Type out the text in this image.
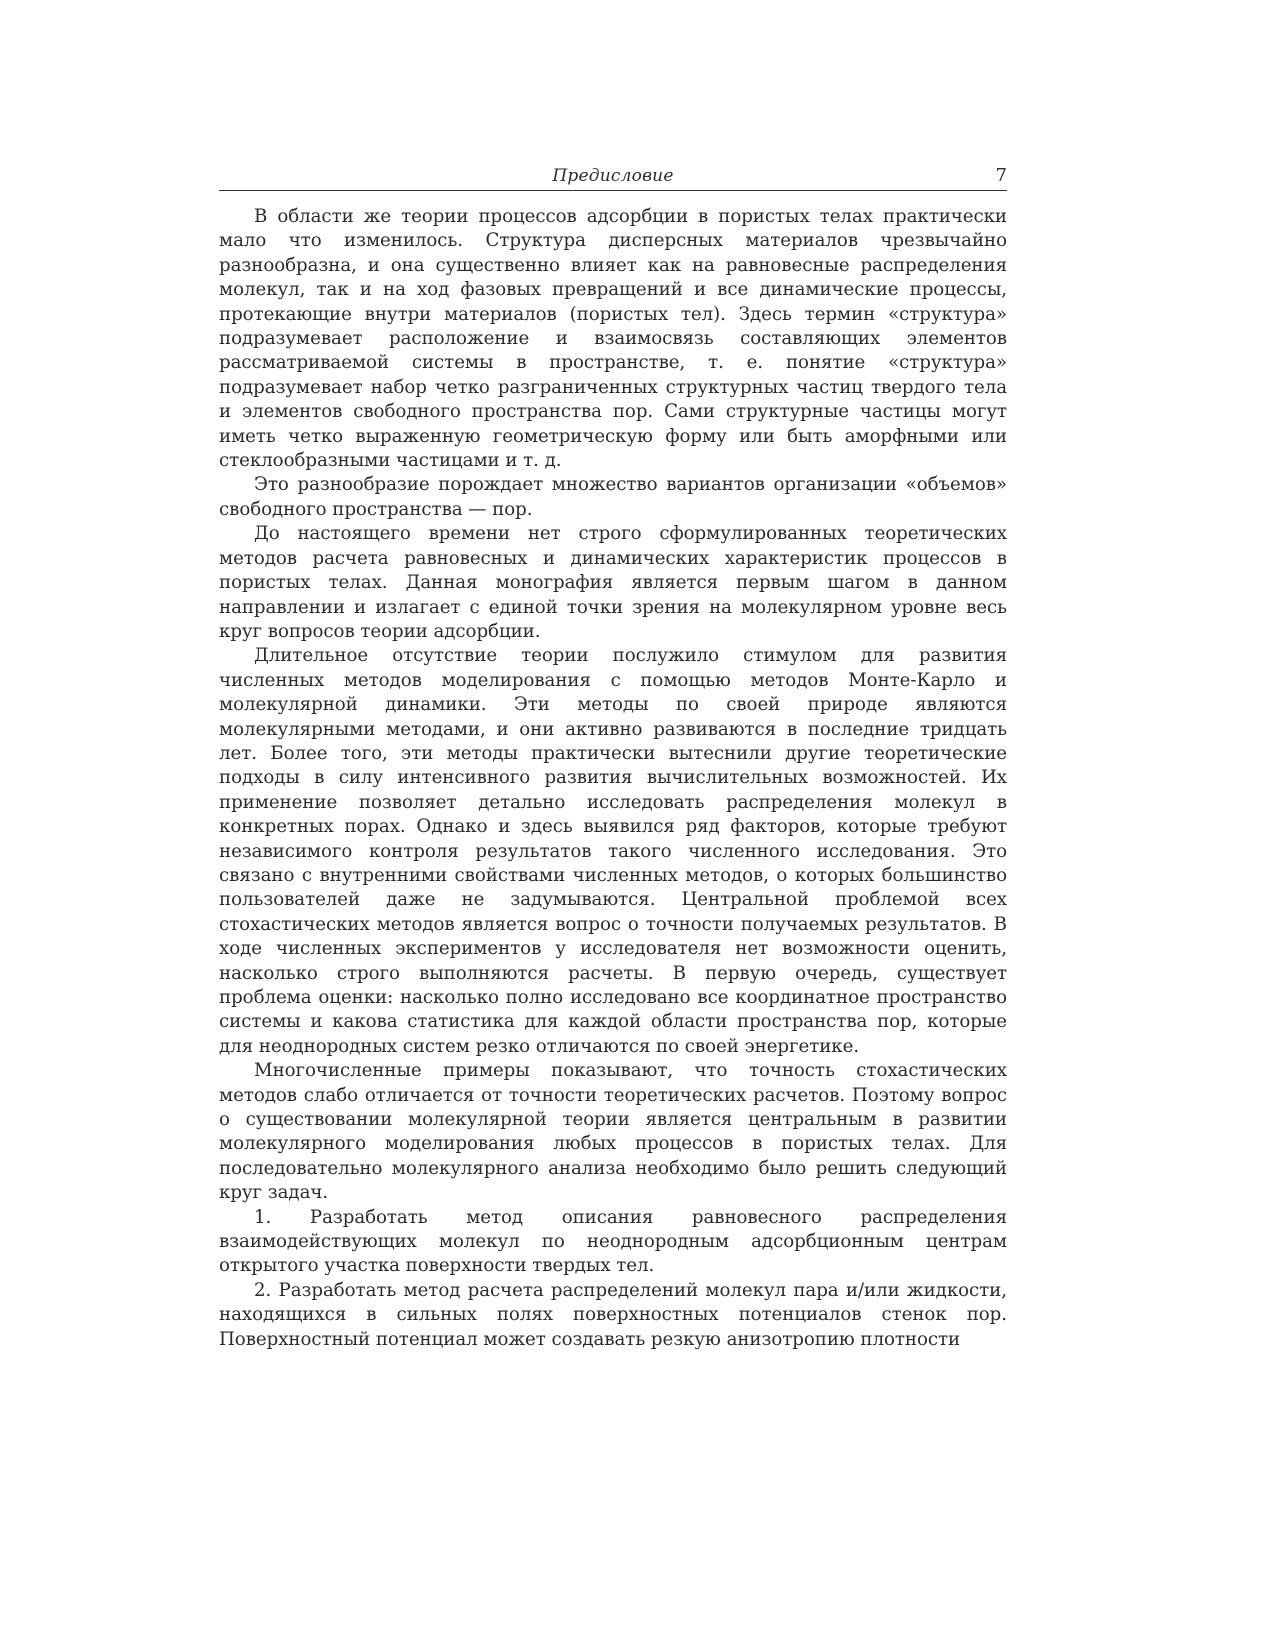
Предисловие	7

В области же теории процессов адсорбции в пористых телах практически мало что изменилось. Структура дисперсных материалов чрезвычайно разнообразна, и она существенно влияет как на равновесные распределения молекул, так и на ход фазовых превращений и все динамические процессы, протекающие внутри материалов (пористых тел). Здесь термин «структура» подразумевает расположение и взаимосвязь составляющих элементов рассматриваемой системы в пространстве, т. е. понятие «структура» подразумевает набор четко разграниченных структурных частиц твердого тела и элементов свободного пространства пор. Сами структурные частицы могут иметь четко выраженную геометрическую форму или быть аморфными или стеклообразными частицами и т. д.

Это разнообразие порождает множество вариантов организации «объемов» свободного пространства — пор.

До настоящего времени нет строго сформулированных теоретических методов расчета равновесных и динамических характеристик процессов в пористых телах. Данная монография является первым шагом в данном направлении и излагает с единой точки зрения на молекулярном уровне весь круг вопросов теории адсорбции.

Длительное отсутствие теории послужило стимулом для развития численных методов моделирования с помощью методов Монте-Карло и молекулярной динамики. Эти методы по своей природе являются молекулярными методами, и они активно развиваются в последние тридцать лет. Более того, эти методы практически вытеснили другие теоретические подходы в силу интенсивного развития вычислительных возможностей. Их применение позволяет детально исследовать распределения молекул в конкретных порах. Однако и здесь выявился ряд факторов, которые требуют независимого контроля результатов такого численного исследования. Это связано с внутренними свойствами численных методов, о которых большинство пользователей даже не задумываются. Центральной проблемой всех стохастических методов является вопрос о точности получаемых результатов. В ходе численных экспериментов у исследователя нет возможности оценить, насколько строго выполняются расчеты. В первую очередь, существует проблема оценки: насколько полно исследовано все координатное пространство системы и какова статистика для каждой области пространства пор, которые для неоднородных систем резко отличаются по своей энергетике.

Многочисленные примеры показывают, что точность стохастических методов слабо отличается от точности теоретических расчетов. Поэтому вопрос о существовании молекулярной теории является центральным в развитии молекулярного моделирования любых процессов в пористых телах. Для последовательно молекулярного анализа необходимо было решить следующий круг задач.

1. Разработать метод описания равновесного распределения взаимодействующих молекул по неоднородным адсорбционным центрам открытого участка поверхности твердых тел.

2. Разработать метод расчета распределений молекул пара и/или жидкости, находящихся в сильных полях поверхностных потенциалов стенок пор. Поверхностный потенциал может создавать резкую анизотропию плотности
